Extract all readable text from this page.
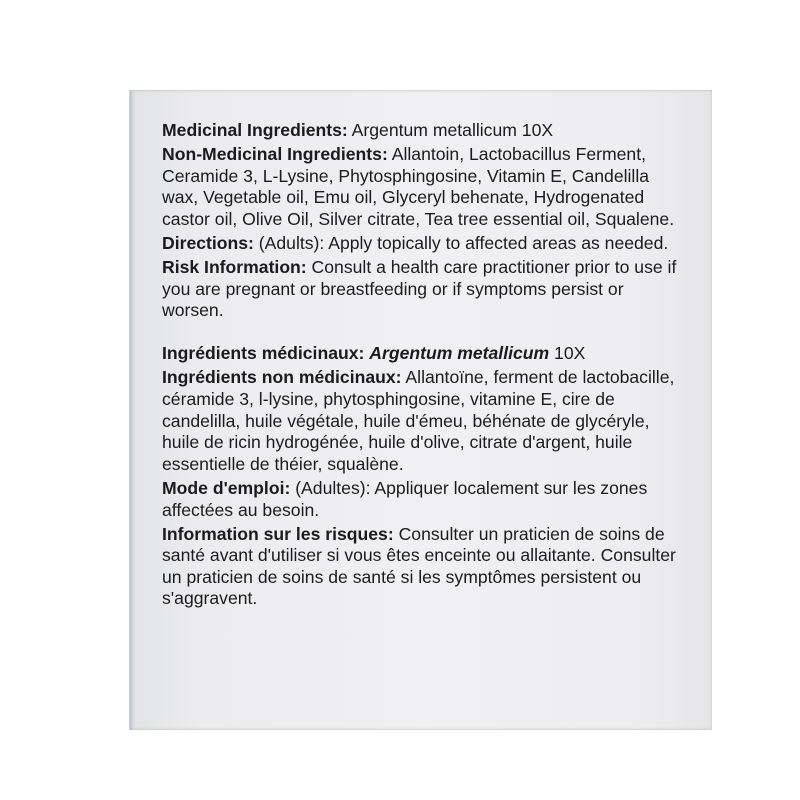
Medicinal Ingredients: Argentum metallicum 10X

Non-Medicinal Ingredients: Allantoin, Lactobacillus Ferment, Ceramide 3, L-Lysine, Phytosphingosine, Vitamin E, Candelilla wax, Vegetable oil, Emu oil, Glyceryl behenate, Hydrogenated castor oil, Olive Oil, Silver citrate, Tea tree essential oil, Squalene.

Directions: (Adults): Apply topically to affected areas as needed.

Risk Information: Consult a health care practitioner prior to use if you are pregnant or breastfeeding or if symptoms persist or worsen.

Ingrédients médicinaux: Argentum metallicum 10X

Ingrédients non médicinaux: Allantoïne, ferment de lactobacille, céramide 3, l-lysine, phytosphingosine, vitamine E, cire de candelilla, huile végétale, huile d'émeu, béhénate de glycéryle, huile de ricin hydrogénée, huile d'olive, citrate d'argent, huile essentielle de théier, squalène.

Mode d'emploi: (Adultes): Appliquer localement sur les zones affectées au besoin.

Information sur les risques: Consulter un praticien de soins de santé avant d'utiliser si vous êtes enceinte ou allaitante. Consulter un praticien de soins de santé si les symptômes persistent ou s'aggravent.
